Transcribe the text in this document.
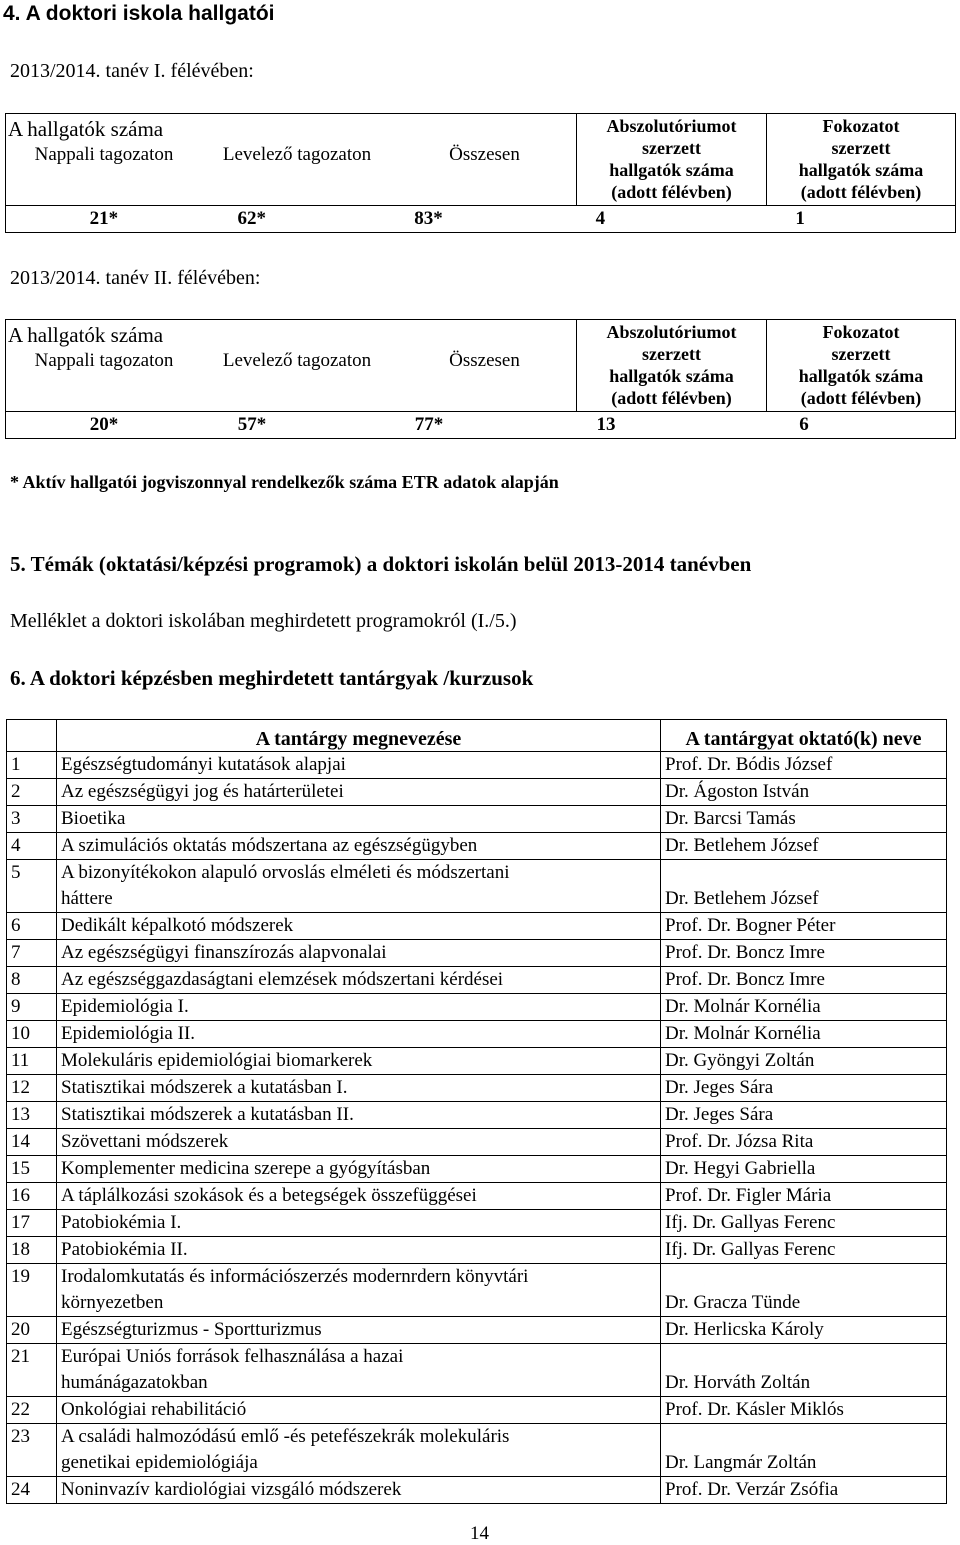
4. A doktori iskola hallgatói
2013/2014. tanév I. félévében:
A hallgatók száma
Nappali tagozaton	Levelező tagozaton	Összesen

Abszolutóriumot
szerzett
hallgatók száma
(adott félévben)

Fokozatot
szerzett
hallgatók száma
(adott félévben)

21*	62*	83*	4	1
2013/2014. tanév II. félévében:
A hallgatók száma
Nappali tagozaton	Levelező tagozaton	Összesen

Abszolutóriumot
szerzett
hallgatók száma
(adott félévben)

Fokozatot
szerzett
hallgatók száma
(adott félévben)

20*	57*	77*	13	6
* Aktív hallgatói jogviszonnyal rendelkezők száma ETR adatok alapján
5. Témák (oktatási/képzési programok) a doktori iskolán belül 2013-2014 tanévben
Melléklet a doktori iskolában meghirdetett programokról (I./5.)
6. A doktori képzésben meghirdetett tantárgyak /kurzusok
	A tantárgy megnevezése	A tantárgyat oktató(k) neve
1	Egészségtudományi kutatások alapjai	Prof. Dr. Bódis József
2	Az egészségügyi jog és határterületei	Dr. Ágoston István
3	Bioetika	Dr. Barcsi Tamás
4	A szimulációs oktatás módszertana az egészségügyben	Dr. Betlehem József
5	A bizonyítékokon alapuló orvoslás elméleti és módszertani
háttere	Dr. Betlehem József
6	Dedikált képalkotó módszerek	Prof. Dr. Bogner Péter
7	Az egészségügyi finanszírozás alapvonalai	Prof. Dr. Boncz Imre
8	Az egészséggazdaságtani elemzések módszertani kérdései	Prof. Dr. Boncz Imre
9	Epidemiológia I.	Dr. Molnár Kornélia
10	Epidemiológia II.	Dr. Molnár Kornélia
11	Molekuláris epidemiológiai biomarkerek	Dr. Gyöngyi Zoltán
12	Statisztikai módszerek a kutatásban I.	Dr. Jeges Sára
13	Statisztikai módszerek a kutatásban II.	Dr. Jeges Sára
14	Szövettani módszerek	Prof. Dr. Józsa Rita
15	Komplementer medicina szerepe a gyógyításban	Dr. Hegyi Gabriella
16	A táplálkozási szokások és a betegségek összefüggései	Prof. Dr. Figler Mária
17	Patobiokémia I.	Ifj. Dr. Gallyas Ferenc
18	Patobiokémia II.	Ifj. Dr. Gallyas Ferenc
19	Irodalomkutatás és információszerzés modernrdern könyvtári
környezetben	Dr. Gracza Tünde
20	Egészségturizmus - Sportturizmus	Dr. Herlicska Károly
21	Európai Uniós források felhasználása a hazai
humánágazatokban	Dr. Horváth Zoltán
22	Onkológiai rehabilitáció	Prof. Dr. Kásler Miklós
23	A családi halmozódású emlő -és petefészekrák molekuláris
genetikai epidemiológiája	Dr. Langmár Zoltán
24	Noninvazív kardiológiai vizsgáló módszerek	Prof. Dr. Verzár Zsófia
14
